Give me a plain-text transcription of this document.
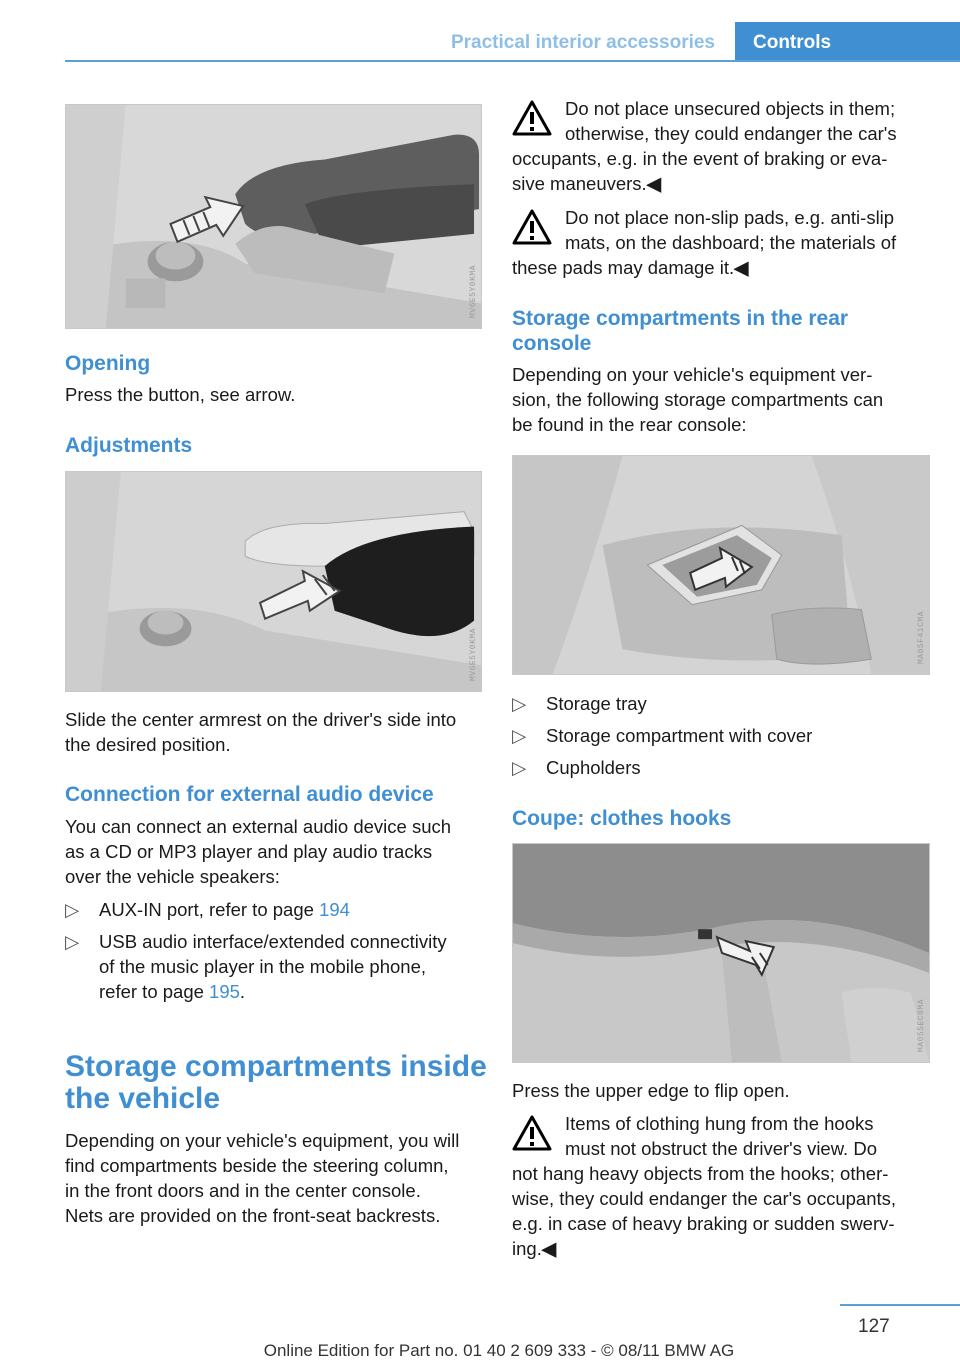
Practical interior accessories	Controls
MV6E5Y0KMA
Opening
Press the button, see arrow.
Adjustments
MV6E5Y0KMA
Slide the center armrest on the driver's side into
the desired position.
Connection for external audio device
You can connect an external audio device such
as a CD or MP3 player and play audio tracks
over the vehicle speakers:
▷ AUX-IN port, refer to page 194
▷ USB audio interface/extended connectivity
of the music player in the mobile phone,
refer to page 195.
Storage compartments inside
the vehicle
Depending on your vehicle's equipment, you will
find compartments beside the steering column,
in the front doors and in the center console.
Nets are provided on the front-seat backrests.
Do not place unsecured objects in them;
otherwise, they could endanger the car's
occupants, e.g. in the event of braking or eva-
sive maneuvers.◀
Do not place non-slip pads, e.g. anti-slip
mats, on the dashboard; the materials of
these pads may damage it.◀
Storage compartments in the rear
console
Depending on your vehicle's equipment ver-
sion, the following storage compartments can
be found in the rear console:
MA05F41CMA
▷ Storage tray
▷ Storage compartment with cover
▷ Cupholders
Coupe: clothes hooks
MA055EC0MA
Press the upper edge to flip open.
Items of clothing hung from the hooks
must not obstruct the driver's view. Do
not hang heavy objects from the hooks; other-
wise, they could endanger the car's occupants,
e.g. in case of heavy braking or sudden swerv-
ing.◀
127
Online Edition for Part no. 01 40 2 609 333 - © 08/11 BMW AG
